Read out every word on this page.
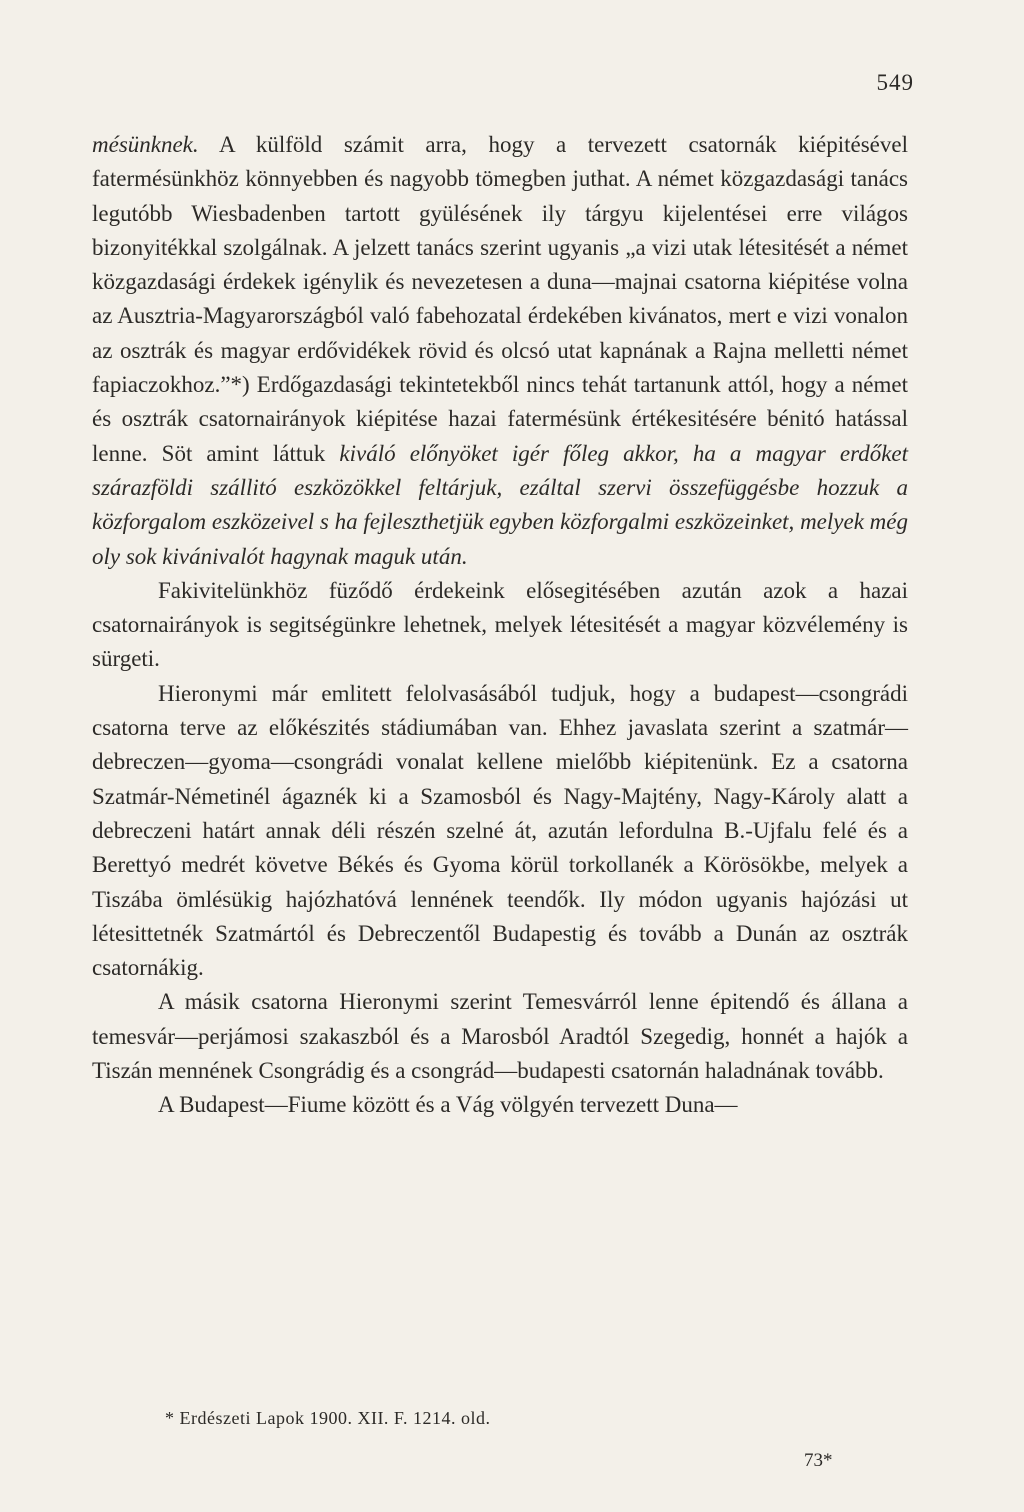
549

mésünknek. A külföld számit arra, hogy a tervezett csatornák kiépitésével fatermésünkhöz könnyebben és nagyobb tömegben juthat. A német közgazdasági tanács legutóbb Wiesbadenben tartott gyülésének ily tárgyu kijelentései erre világos bizonyitékkal szolgálnak. A jelzett tanács szerint ugyanis „a vizi utak létesitését a német közgazdasági érdekek igénylik és nevezetesen a duna—majnai csatorna kiépitése volna az Ausztria-Magyarországból való fabehozatal érdekében kivánatos, mert e vizi vonalon az osztrák és magyar erdővidékek rövid és olcsó utat kapnának a Rajna melletti német fapiaczokhoz.”*) Erdőgazdasági tekintetekből nincs tehát tartanunk attól, hogy a német és osztrák csatornairányok kiépitése hazai fatermésünk értékesitésére bénitó hatással lenne. Söt amint láttuk kiváló előnyöket igér főleg akkor, ha a magyar erdőket szárazföldi szállitó eszközökkel feltárjuk, ezáltal szervi összefüggésbe hozzuk a közforgalom eszközeivel s ha fejleszthetjük egyben közforgalmi eszközeinket, melyek még oly sok kivánivalót hagynak maguk után.

Fakivitelünkhöz füződő érdekeink elősegitésében azután azok a hazai csatornairányok is segitségünkre lehetnek, melyek létesitését a magyar közvélemény is sürgeti.

Hieronymi már emlitett felolvasásából tudjuk, hogy a budapest—csongrádi csatorna terve az előkészités stádiumában van. Ehhez javaslata szerint a szatmár—debreczen—gyoma—csongrádi vonalat kellene mielőbb kiépitenünk. Ez a csatorna Szatmár-Németinél ágaznék ki a Szamosból és Nagy-Majtény, Nagy-Károly alatt a debreczeni határt annak déli részén szelné át, azután lefordulna B.-Ujfalu felé és a Berettyó medrét követve Békés és Gyoma körül torkollanék a Körösökbe, melyek a Tiszába ömlésükig hajózhatóvá lennének teendők. Ily módon ugyanis hajózási ut létesittetnék Szatmártól és Debreczentől Budapestig és tovább a Dunán az osztrák csatornákig.

A másik csatorna Hieronymi szerint Temesvárról lenne épitendő és állana a temesvár—perjámosi szakaszból és a Marosból Aradtól Szegedig, honnét a hajók a Tiszán mennének Csongrádig és a csongrád—budapesti csatornán haladnának tovább.

A Budapest—Fiume között és a Vág völgyén tervezett Duna—

* Erdészeti Lapok 1900. XII. F. 1214. old.
73*
